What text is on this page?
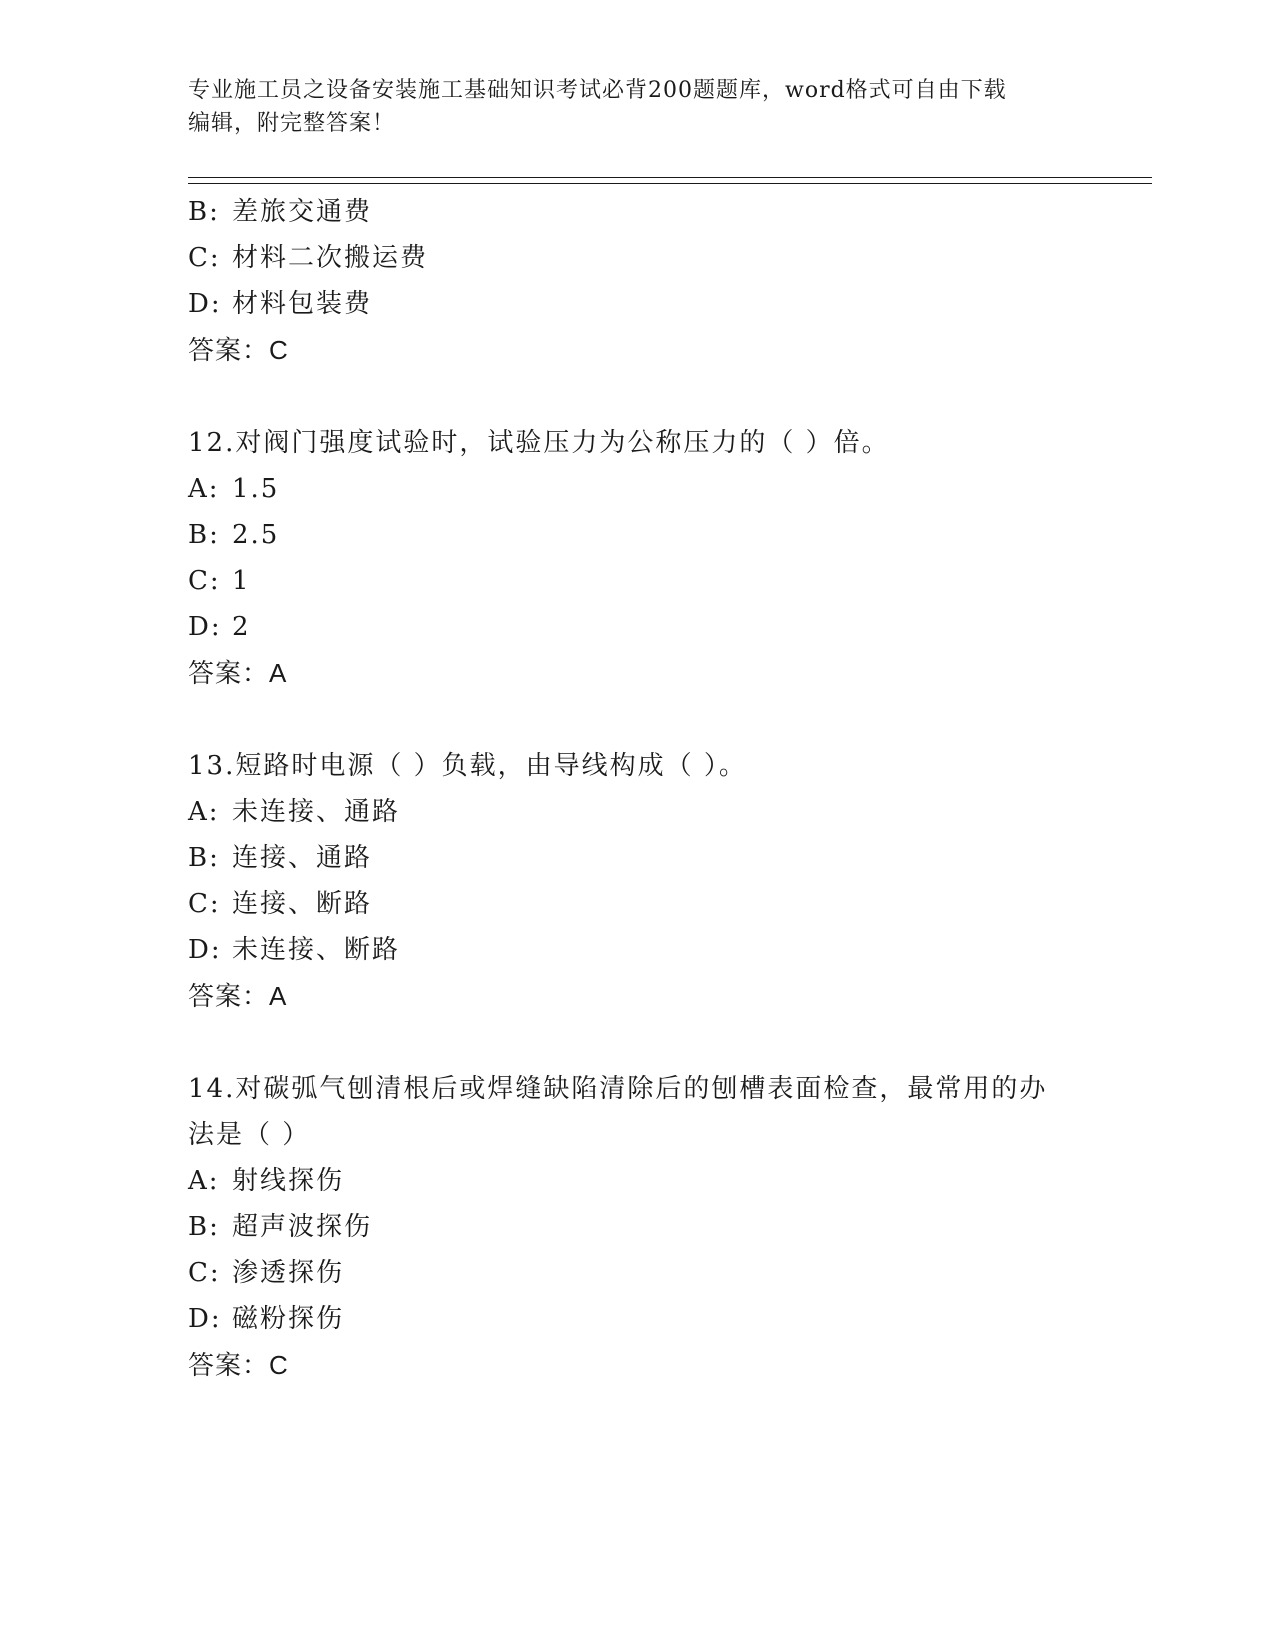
专业施工员之设备安装施工基础知识考试必背200题题库，word格式可自由下载
编辑，附完整答案！
B: 差旅交通费
C: 材料二次搬运费
D: 材料包装费
答案：C
12.对阀门强度试验时，试验压力为公称压力的（ ）倍。
A: 1.5
B: 2.5
C: 1
D: 2
答案：A
13.短路时电源（ ）负载，由导线构成（ ）。
A: 未连接、通路
B: 连接、通路
C: 连接、断路
D: 未连接、断路
答案：A
14.对碳弧气刨清根后或焊缝缺陷清除后的刨槽表面检查，最常用的办
法是（ ）
A: 射线探伤
B: 超声波探伤
C: 渗透探伤
D: 磁粉探伤
答案：C
